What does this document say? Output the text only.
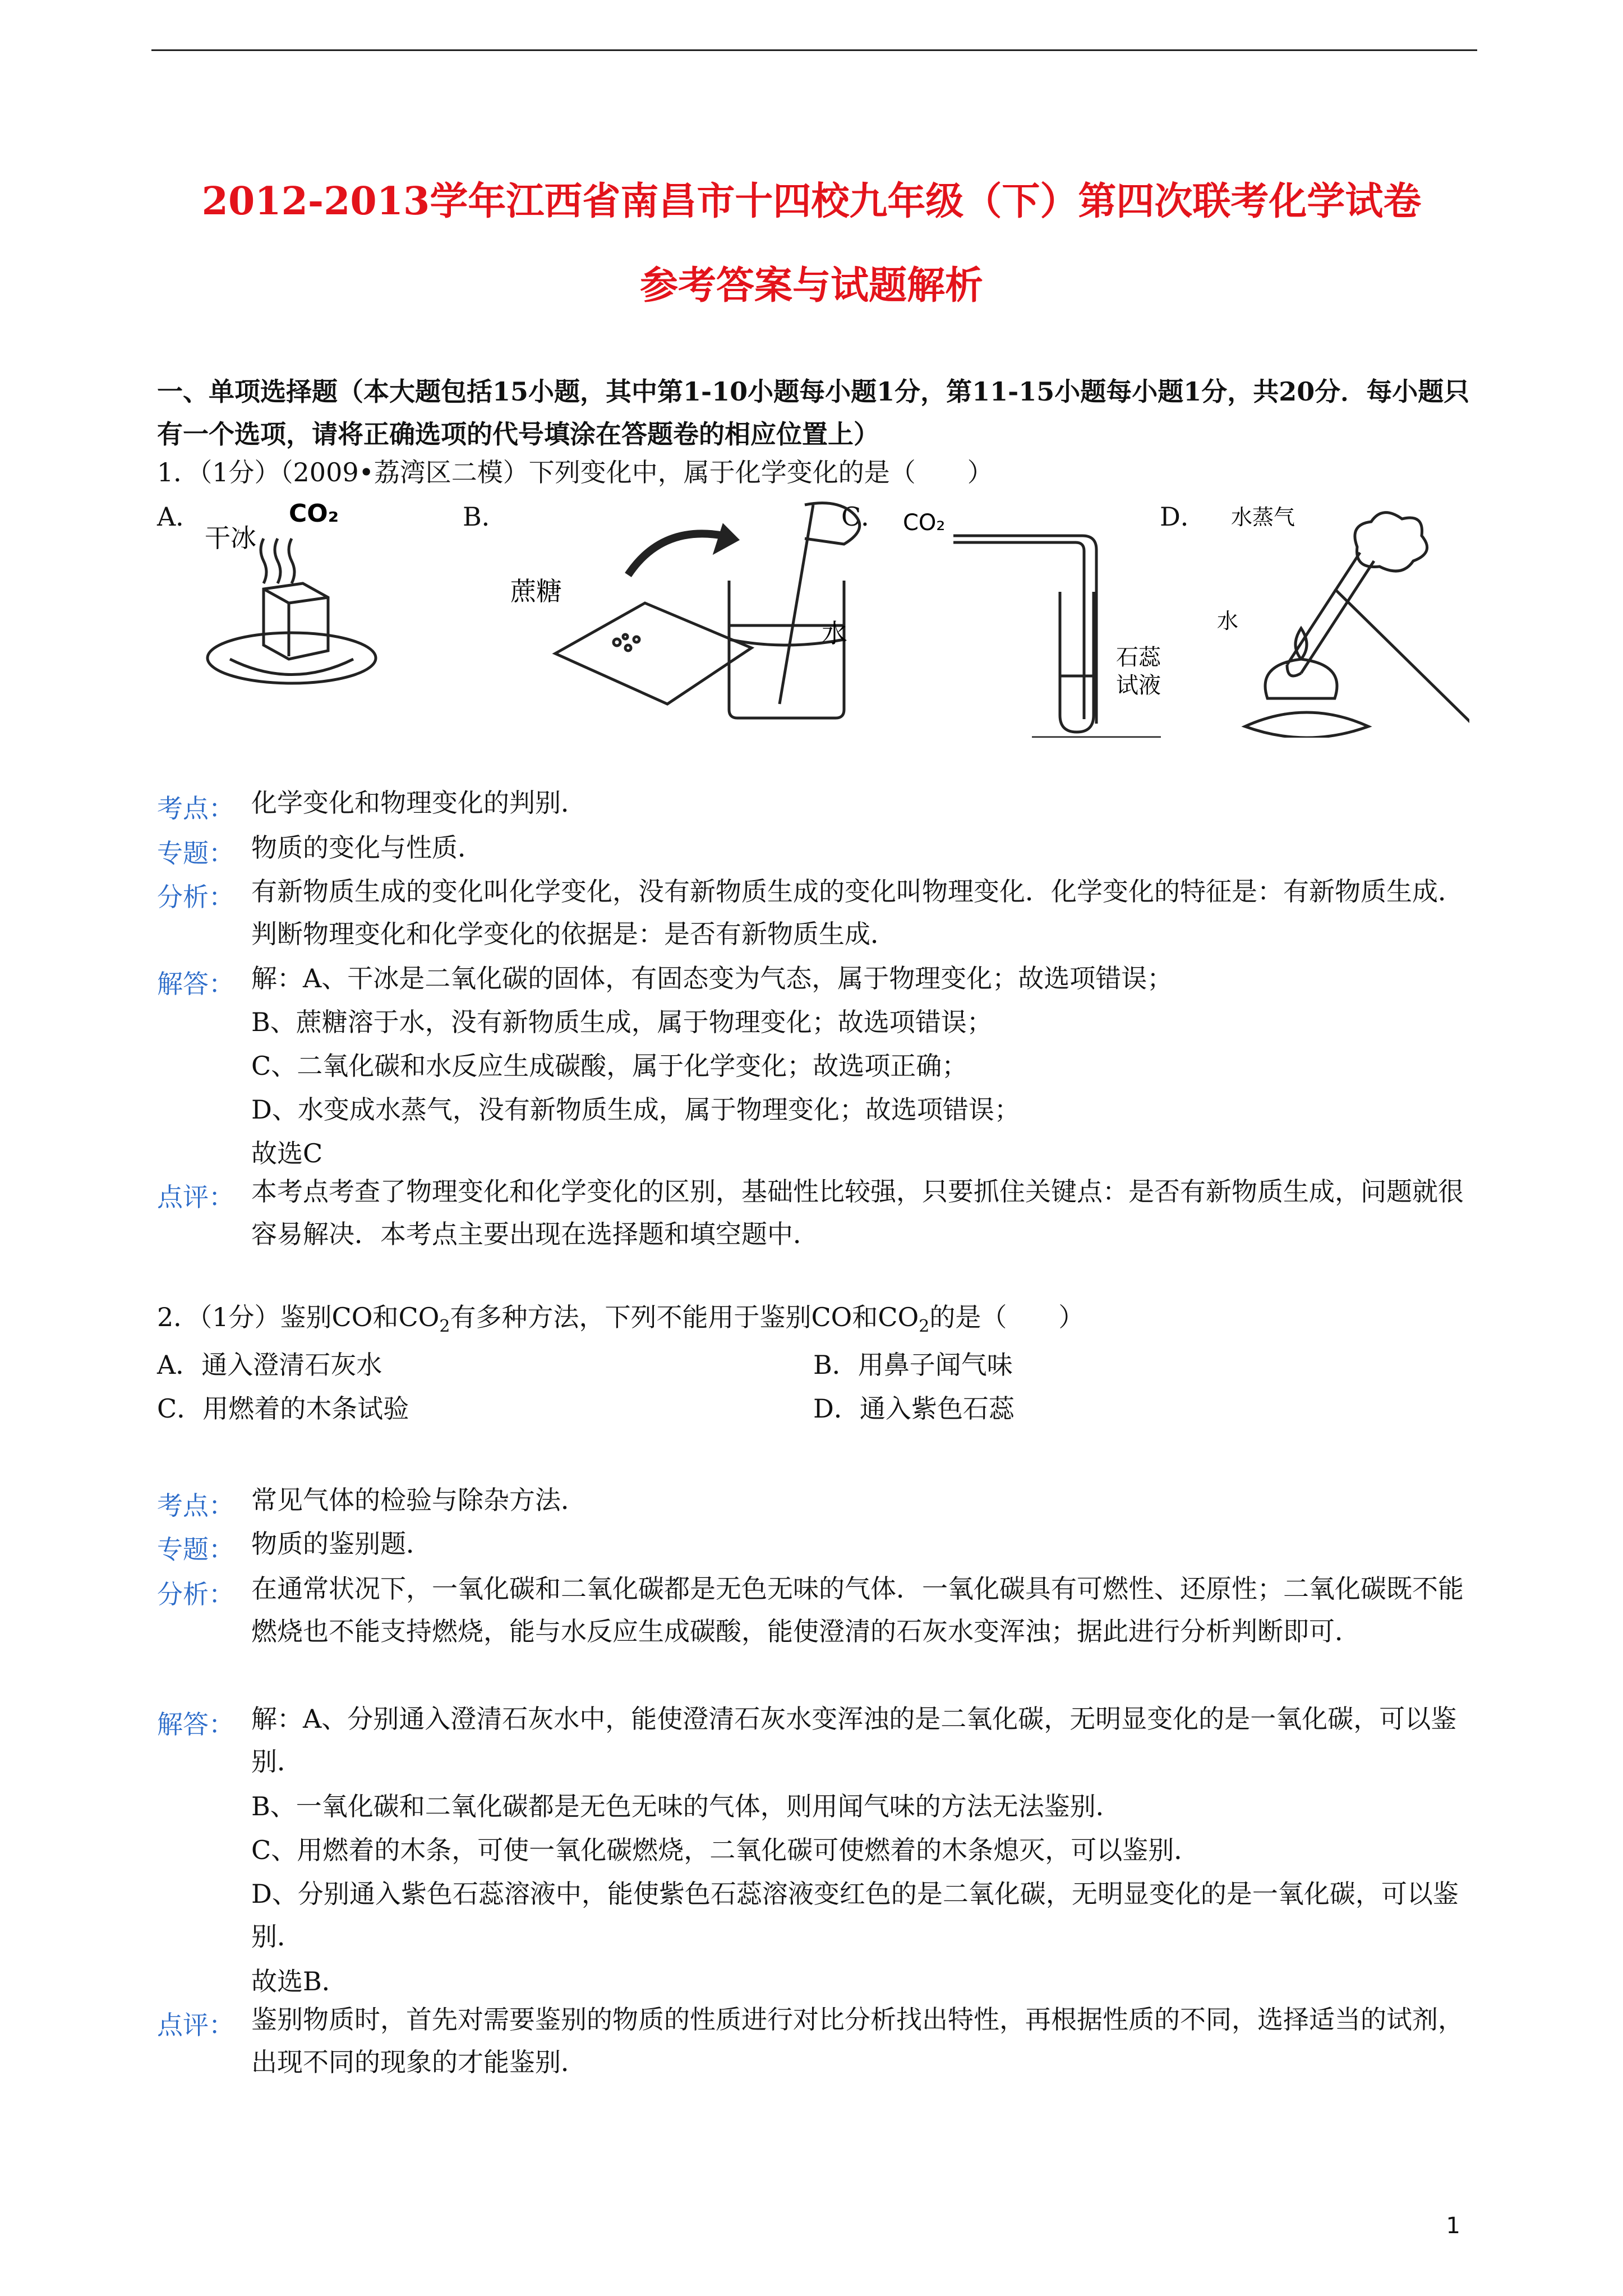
2012-2013学年江西省南昌市十四校九年级（下）第四次联考化学试卷
参考答案与试题解析
一、单项选择题（本大题包括15小题，其中第1-10小题每小题1分，第11-15小题每小题1分，共20分．每小题只有一个选项，请将正确选项的代号填涂在答题卷的相应位置上）
1．（1分）（2009•荔湾区二模）下列变化中，属于化学变化的是（　　）
A．	B．	C．	D．
干冰
CO₂
蔗糖
水
CO₂
石蕊
试液
水蒸气
水
考点： 化学变化和物理变化的判别．
专题： 物质的变化与性质．
分析： 有新物质生成的变化叫化学变化，没有新物质生成的变化叫物理变化．化学变化的特征是：有新物质生成．判断物理变化和化学变化的依据是：是否有新物质生成．
解答： 解：A、干冰是二氧化碳的固体，有固态变为气态，属于物理变化；故选项错误；
B、蔗糖溶于水，没有新物质生成，属于物理变化；故选项错误；
C、二氧化碳和水反应生成碳酸，属于化学变化；故选项正确；
D、水变成水蒸气，没有新物质生成，属于物理变化；故选项错误；
故选C
点评： 本考点考查了物理变化和化学变化的区别，基础性比较强，只要抓住关键点：是否有新物质生成，问题就很容易解决．本考点主要出现在选择题和填空题中．
2．（1分）鉴别CO和$CO_2$有多种方法，下列不能用于鉴别CO和$CO_2$的是（　　）
A．通入澄清石灰水	B．用鼻子闻气味
C．用燃着的木条试验	D．通入紫色石蕊
考点： 常见气体的检验与除杂方法．
专题： 物质的鉴别题．
分析： 在通常状况下，一氧化碳和二氧化碳都是无色无味的气体．一氧化碳具有可燃性、还原性；二氧化碳既不能燃烧也不能支持燃烧，能与水反应生成碳酸，能使澄清的石灰水变浑浊；据此进行分析判断即可．
解答： 解：A、分别通入澄清石灰水中，能使澄清石灰水变浑浊的是二氧化碳，无明显变化的是一氧化碳，可以鉴别．
B、一氧化碳和二氧化碳都是无色无味的气体，则用闻气味的方法无法鉴别．
C、用燃着的木条，可使一氧化碳燃烧，二氧化碳可使燃着的木条熄灭，可以鉴别．
D、分别通入紫色石蕊溶液中，能使紫色石蕊溶液变红色的是二氧化碳，无明显变化的是一氧化碳，可以鉴别．
故选B．
点评： 鉴别物质时，首先对需要鉴别的物质的性质进行对比分析找出特性，再根据性质的不同，选择适当的试剂，出现不同的现象的才能鉴别．
1
